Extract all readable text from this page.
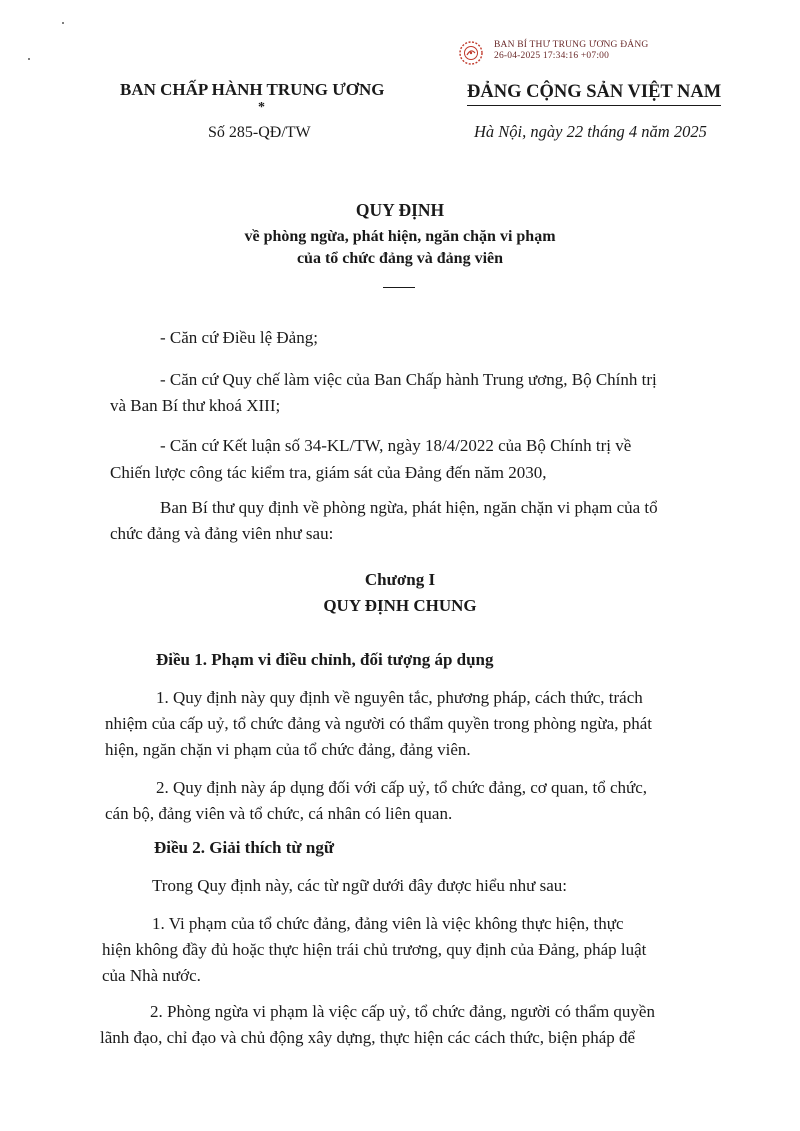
BAN BÍ THƯ TRUNG ƯƠNG ĐẢNG
26-04-2025 17:34:16 +07:00
BAN CHẤP HÀNH TRUNG ƯƠNG
*
Số 285-QĐ/TW
ĐẢNG CỘNG SẢN VIỆT NAM
Hà Nội, ngày 22 tháng 4 năm 2025
QUY ĐỊNH
về phòng ngừa, phát hiện, ngăn chặn vi phạm
của tổ chức đảng và đảng viên
- Căn cứ Điều lệ Đảng;
- Căn cứ Quy chế làm việc của Ban Chấp hành Trung ương, Bộ Chính trị
và Ban Bí thư khoá XIII;
- Căn cứ Kết luận số 34-KL/TW, ngày 18/4/2022 của Bộ Chính trị về
Chiến lược công tác kiểm tra, giám sát của Đảng đến năm 2030,
Ban Bí thư quy định về phòng ngừa, phát hiện, ngăn chặn vi phạm của tổ
chức đảng và đảng viên như sau:
Chương I
QUY ĐỊNH CHUNG
Điều 1. Phạm vi điều chỉnh, đối tượng áp dụng
1. Quy định này quy định về nguyên tắc, phương pháp, cách thức, trách
nhiệm của cấp uỷ, tổ chức đảng và người có thẩm quyền trong phòng ngừa, phát
hiện, ngăn chặn vi phạm của tổ chức đảng, đảng viên.
2. Quy định này áp dụng đối với cấp uỷ, tổ chức đảng, cơ quan, tổ chức,
cán bộ, đảng viên và tổ chức, cá nhân có liên quan.
Điều 2. Giải thích từ ngữ
Trong Quy định này, các từ ngữ dưới đây được hiểu như sau:
1. Vi phạm của tổ chức đảng, đảng viên là việc không thực hiện, thực
hiện không đầy đủ hoặc thực hiện trái chủ trương, quy định của Đảng, pháp luật
của Nhà nước.
2. Phòng ngừa vi phạm là việc cấp uỷ, tổ chức đảng, người có thẩm quyền
lãnh đạo, chỉ đạo và chủ động xây dựng, thực hiện các cách thức, biện pháp để
